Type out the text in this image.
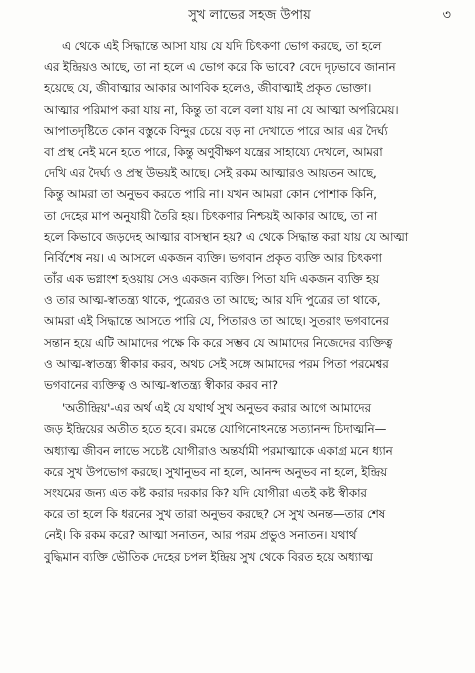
সুখ লাভের সহজ উপায়	৩
এ থেকে এই সিদ্ধান্তে আসা যায় যে যদি চিৎকণা ভোগ করছে, তা হলে
এর ইন্দ্রিয়ও আছে, তা না হলে এ ভোগ করে কি ভাবে? বেদে দৃঢ়ভাবে জানান
হয়েছে যে, জীবাত্মার আকার আণবিক হলেও, জীবাত্মাই প্রকৃত ভোক্তা।
আত্মার পরিমাপ করা যায় না, কিন্তু তা বলে বলা যায় না যে আত্মা অপরিমেয়।
আপাতদৃষ্টিতে কোন বস্তুকে বিন্দুর চেয়ে বড় না দেখাতে পারে আর এর দৈর্ঘ্য
বা প্রস্থ নেই মনে হতে পারে, কিন্তু অণুবীক্ষণ যন্ত্রের সাহায্যে দেখলে, আমরা
দেখি এর দৈর্ঘ্য ও প্রস্থ উভয়ই আছে। সেই রকম আত্মারও আয়তন আছে,
কিন্তু আমরা তা অনুভব করতে পারি না। যখন আমরা কোন পোশাক কিনি,
তা দেহের মাপ অনুযায়ী তৈরি হয়। চিৎকণার নিশ্চয়ই আকার আছে, তা না
হলে কিভাবে জড়দেহ আত্মার বাসস্থান হয়? এ থেকে সিদ্ধান্ত করা যায় যে আত্মা
নির্বিশেষ নয়। এ আসলে একজন ব্যক্তি। ভগবান প্রকৃত ব্যক্তি আর চিৎকণা
তাঁর এক ভগ্নাংশ হওয়ায় সেও একজন ব্যক্তি। পিতা যদি একজন ব্যক্তি হয়
ও তার আত্ম-স্বাতন্ত্র্য থাকে, পুত্রেরও তা আছে; আর যদি পুত্রের তা থাকে,
আমরা এই সিদ্ধান্তে আসতে পারি যে, পিতারও তা আছে। সুতরাং ভগবানের
সন্তান হয়ে এটি আমাদের পক্ষে কি করে সম্ভব যে আমাদের নিজেদের ব্যক্তিত্ব
ও আত্ম-স্বাতন্ত্র্য স্বীকার করব, অথচ সেই সঙ্গে আমাদের পরম পিতা পরমেশ্বর
ভগবানের ব্যক্তিত্ব ও আত্ম-স্বাতন্ত্র্য স্বীকার করব না?
'অতীন্দ্রিয়'-এর অর্থ এই যে যথার্থ সুখ অনুভব করার আগে আমাদের
জড় ইন্দ্রিয়ের অতীত হতে হবে। রমন্তে যোগিনোঽনন্তে সত্যানন্দ চিদাত্মনি—
অধ্যাত্ম জীবন লাভে সচেষ্ট যোগীরাও অন্তর্যামী পরমাত্মাকে একাগ্র মনে ধ্যান
করে সুখ উপভোগ করছে। সুখানুভব না হলে, আনন্দ অনুভব না হলে, ইন্দ্রিয়
সংযমের জন্য এত কষ্ট করার দরকার কি? যদি যোগীরা এতই কষ্ট স্বীকার
করে তা হলে কি ধরনের সুখ তারা অনুভব করছে? সে সুখ অনন্ত—তার শেষ
নেই। কি রকম করে? আত্মা সনাতন, আর পরম প্রভুও সনাতন। যথার্থ
বুদ্ধিমান ব্যক্তি ভৌতিক দেহের চপল ইন্দ্রিয় সুখ থেকে বিরত হয়ে অধ্যাত্ম
